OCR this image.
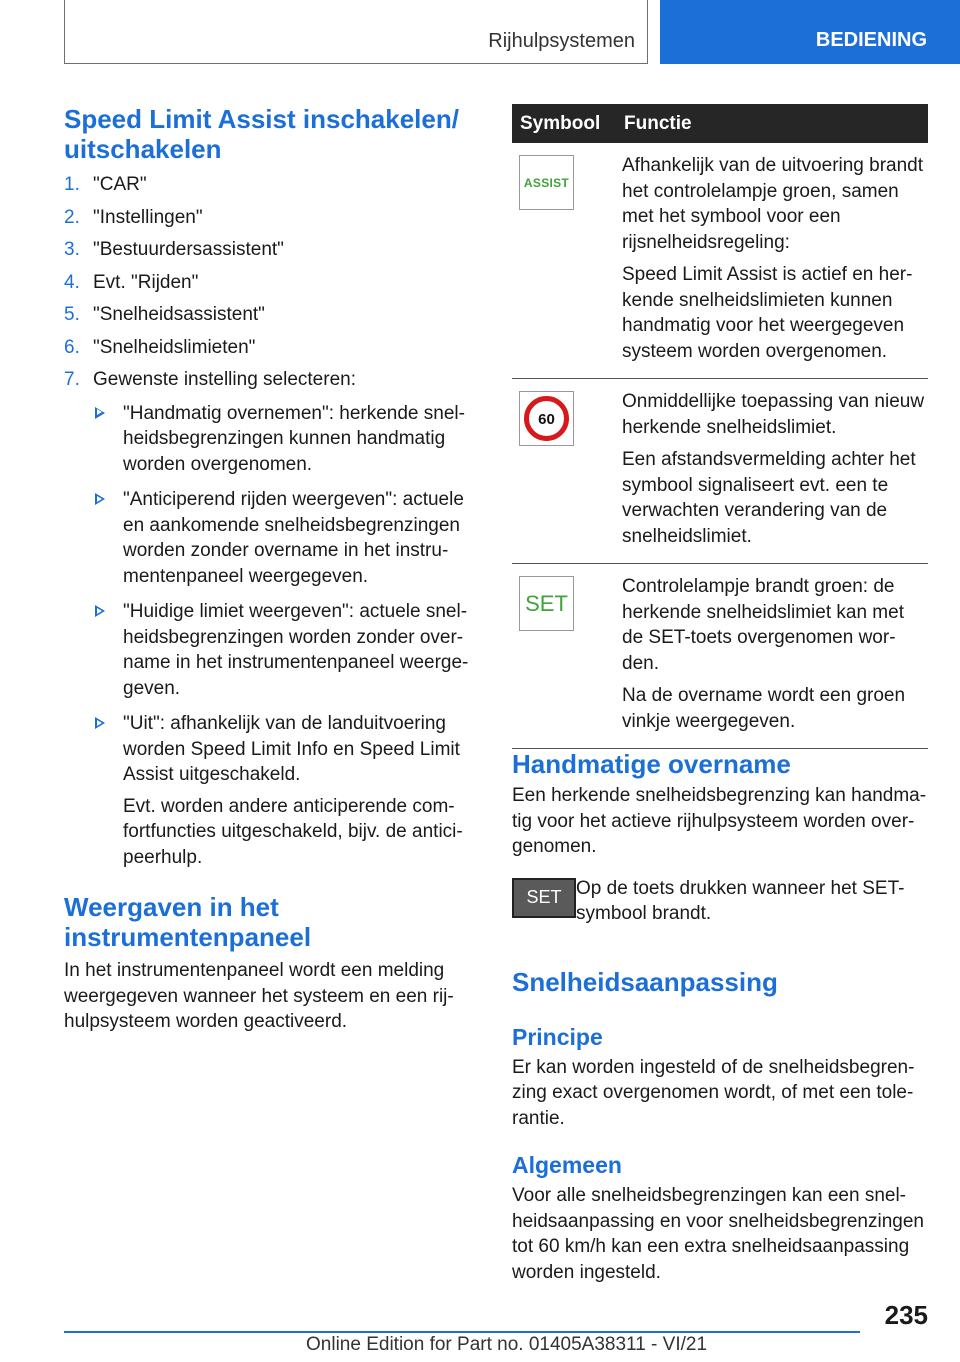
Rijhulpsystemen	BEDIENING
Speed Limit Assist inschakelen/ uitschakelen
1. "CAR"
2. "Instellingen"
3. "Bestuurdersassistent"
4. Evt. "Rijden"
5. "Snelheidsassistent"
6. "Snelheidslimieten"
7. Gewenste instelling selecteren:
"Handmatig overnemen": herkende snel-heidsbegrenzingen kunnen handmatig worden overgenomen.
"Anticiperend rijden weergeven": actuele en aankomende snelheidsbegrenzingen worden zonder overname in het instru-mentenpaneel weergegeven.
"Huidige limiet weergeven": actuele snel-heidsbegrenzingen worden zonder over-name in het instrumentenpaneel weerge-geven.
"Uit": afhankelijk van de landuitvoering worden Speed Limit Info en Speed Limit Assist uitgeschakeld.
Evt. worden andere anticiperende com-fortfuncties uitgeschakeld, bijv. de antici-peerhulp.
Weergaven in het instrumentenpaneel

In het instrumentenpaneel wordt een melding weergegeven wanneer het systeem en een rij-hulpsysteem worden geactiveerd.

Symbool	Functie
ASSIST

Afhankelijk van de uitvoering brandt het controlelampje groen, samen met het symbool voor een rijsnelheidsregeling:

Speed Limit Assist is actief en her-kende snelheidslimieten kunnen handmatig voor het weergegeven systeem worden overgenomen.

60

Onmiddellijke toepassing van nieuw herkende snelheidslimiet.

Een afstandsvermelding achter het symbool signaliseert evt. een te verwachten verandering van de snelheidslimiet.

SET

Controlelampje brandt groen: de herkende snelheidslimiet kan met de SET-toets overgenomen wor-den.

Na de overname wordt een groen vinkje weergegeven.

Handmatige overname

Een herkende snelheidsbegrenzing kan handma-tig voor het actieve rijhulpsysteem worden over-genomen.

SET Op de toets drukken wanneer het SET-symbool brandt.

Snelheidsaanpassing
Principe

Er kan worden ingesteld of de snelheidsbegren-zing exact overgenomen wordt, of met een tole-rantie.

Algemeen

Voor alle snelheidsbegrenzingen kan een snel-heidsaanpassing en voor snelheidsbegrenzingen tot 60 km/h kan een extra snelheidsaanpassing worden ingesteld.

235
Online Edition for Part no. 01405A38311 - VI/21
